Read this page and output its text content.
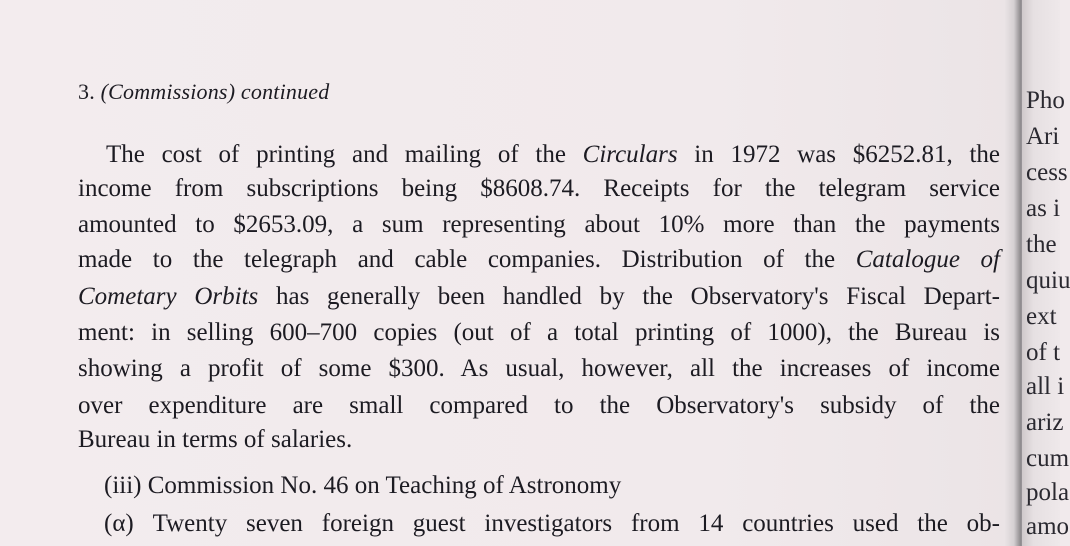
3. (Commissions) continued
The cost of printing and mailing of the Circulars in 1972 was $6252.81, the
income from subscriptions being $8608.74. Receipts for the telegram service
amounted to $2653.09, a sum representing about 10% more than the payments
made to the telegraph and cable companies. Distribution of the Catalogue of
Cometary Orbits has generally been handled by the Observatory's Fiscal Depart-
ment: in selling 600–700 copies (out of a total printing of 1000), the Bureau is
showing a profit of some $300. As usual, however, all the increases of income
over expenditure are small compared to the Observatory's subsidy of the
Bureau in terms of salaries.
(iii) Commission No. 46 on Teaching of Astronomy
(α) Twenty seven foreign guest investigators from 14 countries used the ob-
Pho
Ari
cess
as i
the
quiu
ext
of t
all i
ariz
cum
pola
amo
